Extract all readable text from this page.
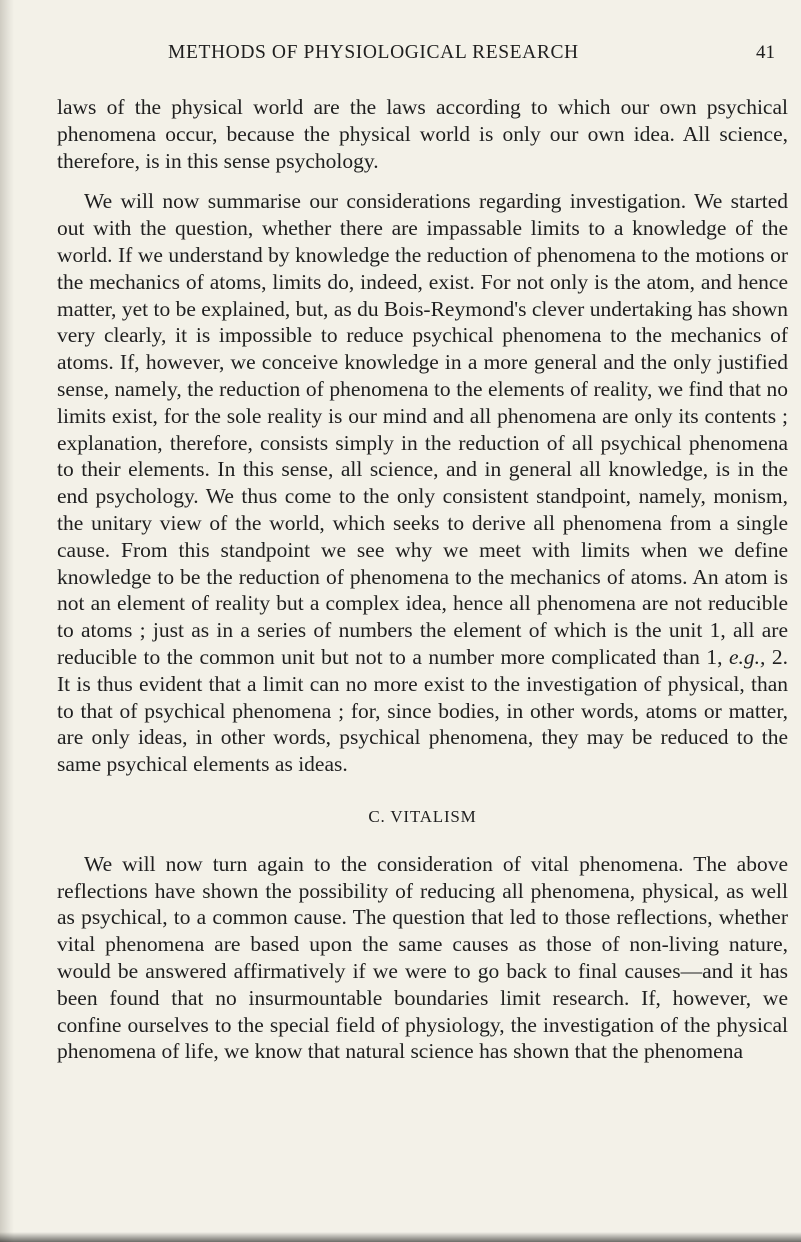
METHODS OF PHYSIOLOGICAL RESEARCH	41

laws of the physical world are the laws according to which our own psychical phenomena occur, because the physical world is only our own idea. All science, therefore, is in this sense psychology.

We will now summarise our considerations regarding investigation. We started out with the question, whether there are impassable limits to a knowledge of the world. If we understand by knowledge the reduction of phenomena to the motions or the mechanics of atoms, limits do, indeed, exist. For not only is the atom, and hence matter, yet to be explained, but, as du Bois-Reymond's clever undertaking has shown very clearly, it is impossible to reduce psychical phenomena to the mechanics of atoms. If, however, we conceive knowledge in a more general and the only justified sense, namely, the reduction of phenomena to the elements of reality, we find that no limits exist, for the sole reality is our mind and all phenomena are only its contents ; explanation, therefore, consists simply in the reduction of all psychical phenomena to their elements. In this sense, all science, and in general all knowledge, is in the end psychology. We thus come to the only consistent standpoint, namely, monism, the unitary view of the world, which seeks to derive all phenomena from a single cause. From this standpoint we see why we meet with limits when we define knowledge to be the reduction of phenomena to the mechanics of atoms. An atom is not an element of reality but a complex idea, hence all phenomena are not reducible to atoms ; just as in a series of numbers the element of which is the unit 1, all are reducible to the common unit but not to a number more complicated than 1, e.g., 2. It is thus evident that a limit can no more exist to the investigation of physical, than to that of psychical phenomena ; for, since bodies, in other words, atoms or matter, are only ideas, in other words, psychical phenomena, they may be reduced to the same psychical elements as ideas.

C. VITALISM

We will now turn again to the consideration of vital phenomena. The above reflections have shown the possibility of reducing all phenomena, physical, as well as psychical, to a common cause. The question that led to those reflections, whether vital phenomena are based upon the same causes as those of non-living nature, would be answered affirmatively if we were to go back to final causes—and it has been found that no insurmountable boundaries limit research. If, however, we confine ourselves to the special field of physiology, the investigation of the physical phenomena of life, we know that natural science has shown that the phenomena
